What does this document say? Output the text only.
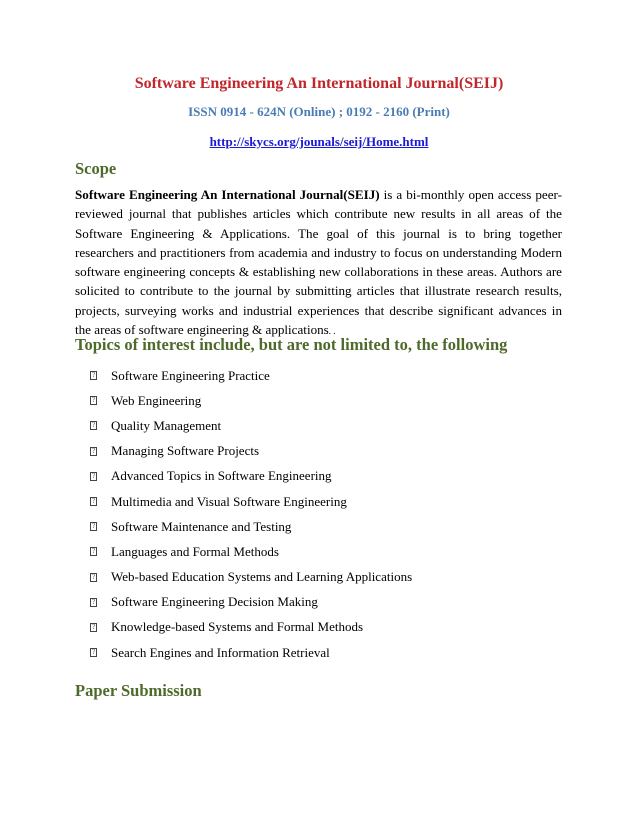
Software Engineering An International Journal(SEIJ)
ISSN 0914 - 624N (Online) ; 0192 - 2160 (Print)
http://skycs.org/jounals/seij/Home.html
Scope

Software Engineering An International Journal(SEIJ) is a bi-monthly open access peer-reviewed journal that publishes articles which contribute new results in all areas of the Software Engineering & Applications. The goal of this journal is to bring together researchers and practitioners from academia and industry to focus on understanding Modern software engineering concepts & establishing new collaborations in these areas. Authors are solicited to contribute to the journal by submitting articles that illustrate research results, projects, surveying works and industrial experiences that describe significant advances in the areas of software engineering & applications. .

Topics of interest include, but are not limited to, the following
? Software Engineering Practice
? Web Engineering
? Quality Management
? Managing Software Projects
? Advanced Topics in Software Engineering
? Multimedia and Visual Software Engineering
? Software Maintenance and Testing
? Languages and Formal Methods
? Web-based Education Systems and Learning Applications
? Software Engineering Decision Making
? Knowledge-based Systems and Formal Methods
? Search Engines and Information Retrieval
Paper Submission
